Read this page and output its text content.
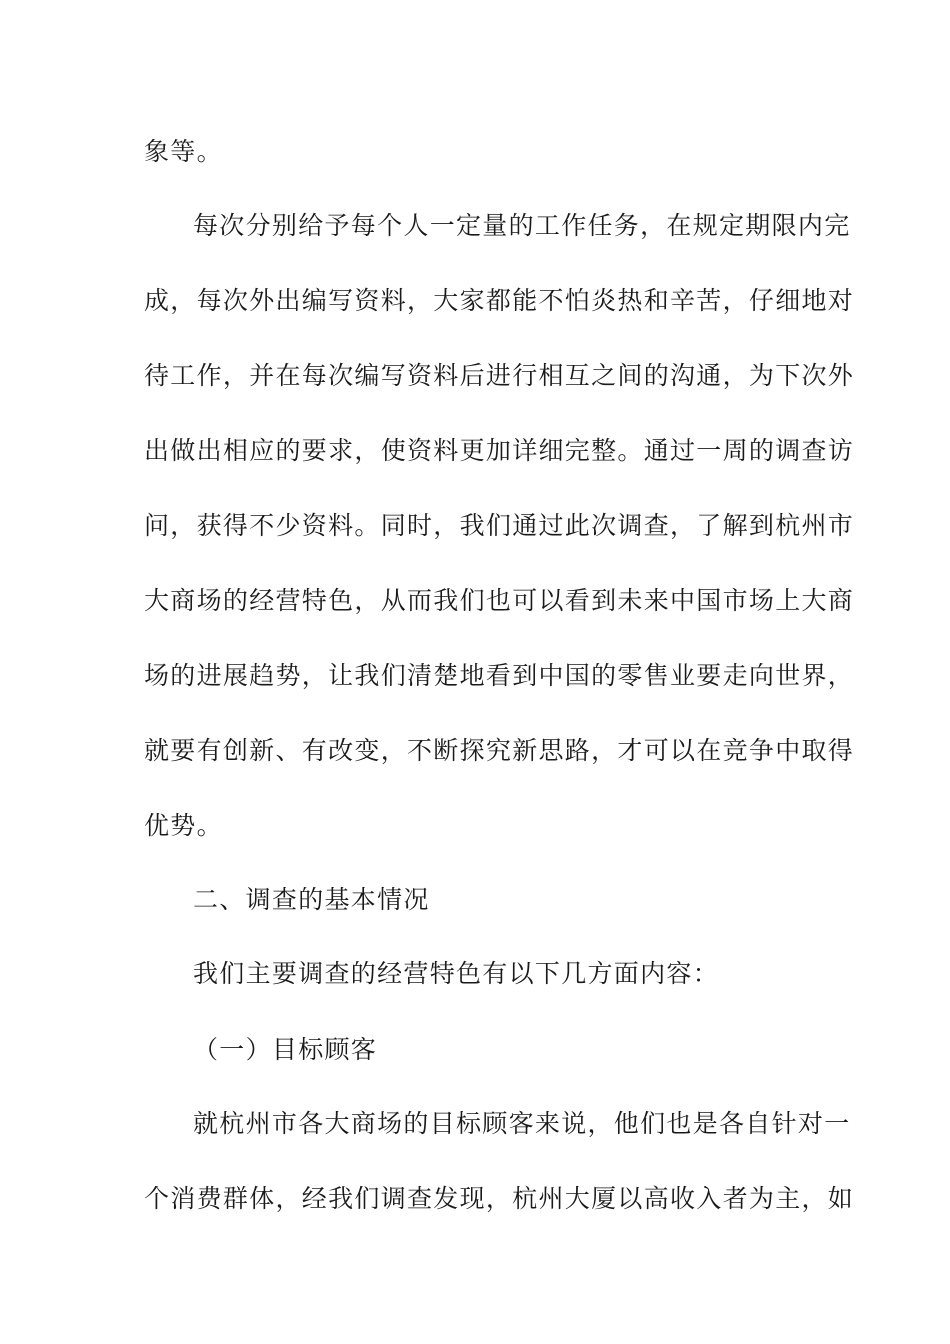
象等。
每次分别给予每个人一定量的工作任务，在规定期限内完
成，每次外出编写资料，大家都能不怕炎热和辛苦，仔细地对
待工作，并在每次编写资料后进行相互之间的沟通，为下次外
出做出相应的要求，使资料更加详细完整。通过一周的调查访
问，获得不少资料。同时，我们通过此次调查，了解到杭州市
大商场的经营特色，从而我们也可以看到未来中国市场上大商
场的进展趋势，让我们清楚地看到中国的零售业要走向世界，
就要有创新、有改变，不断探究新思路，才可以在竞争中取得
优势。
二、调查的基本情况
我们主要调查的经营特色有以下几方面内容：
（一）目标顾客
就杭州市各大商场的目标顾客来说，他们也是各自针对一
个消费群体，经我们调查发现，杭州大厦以高收入者为主，如
